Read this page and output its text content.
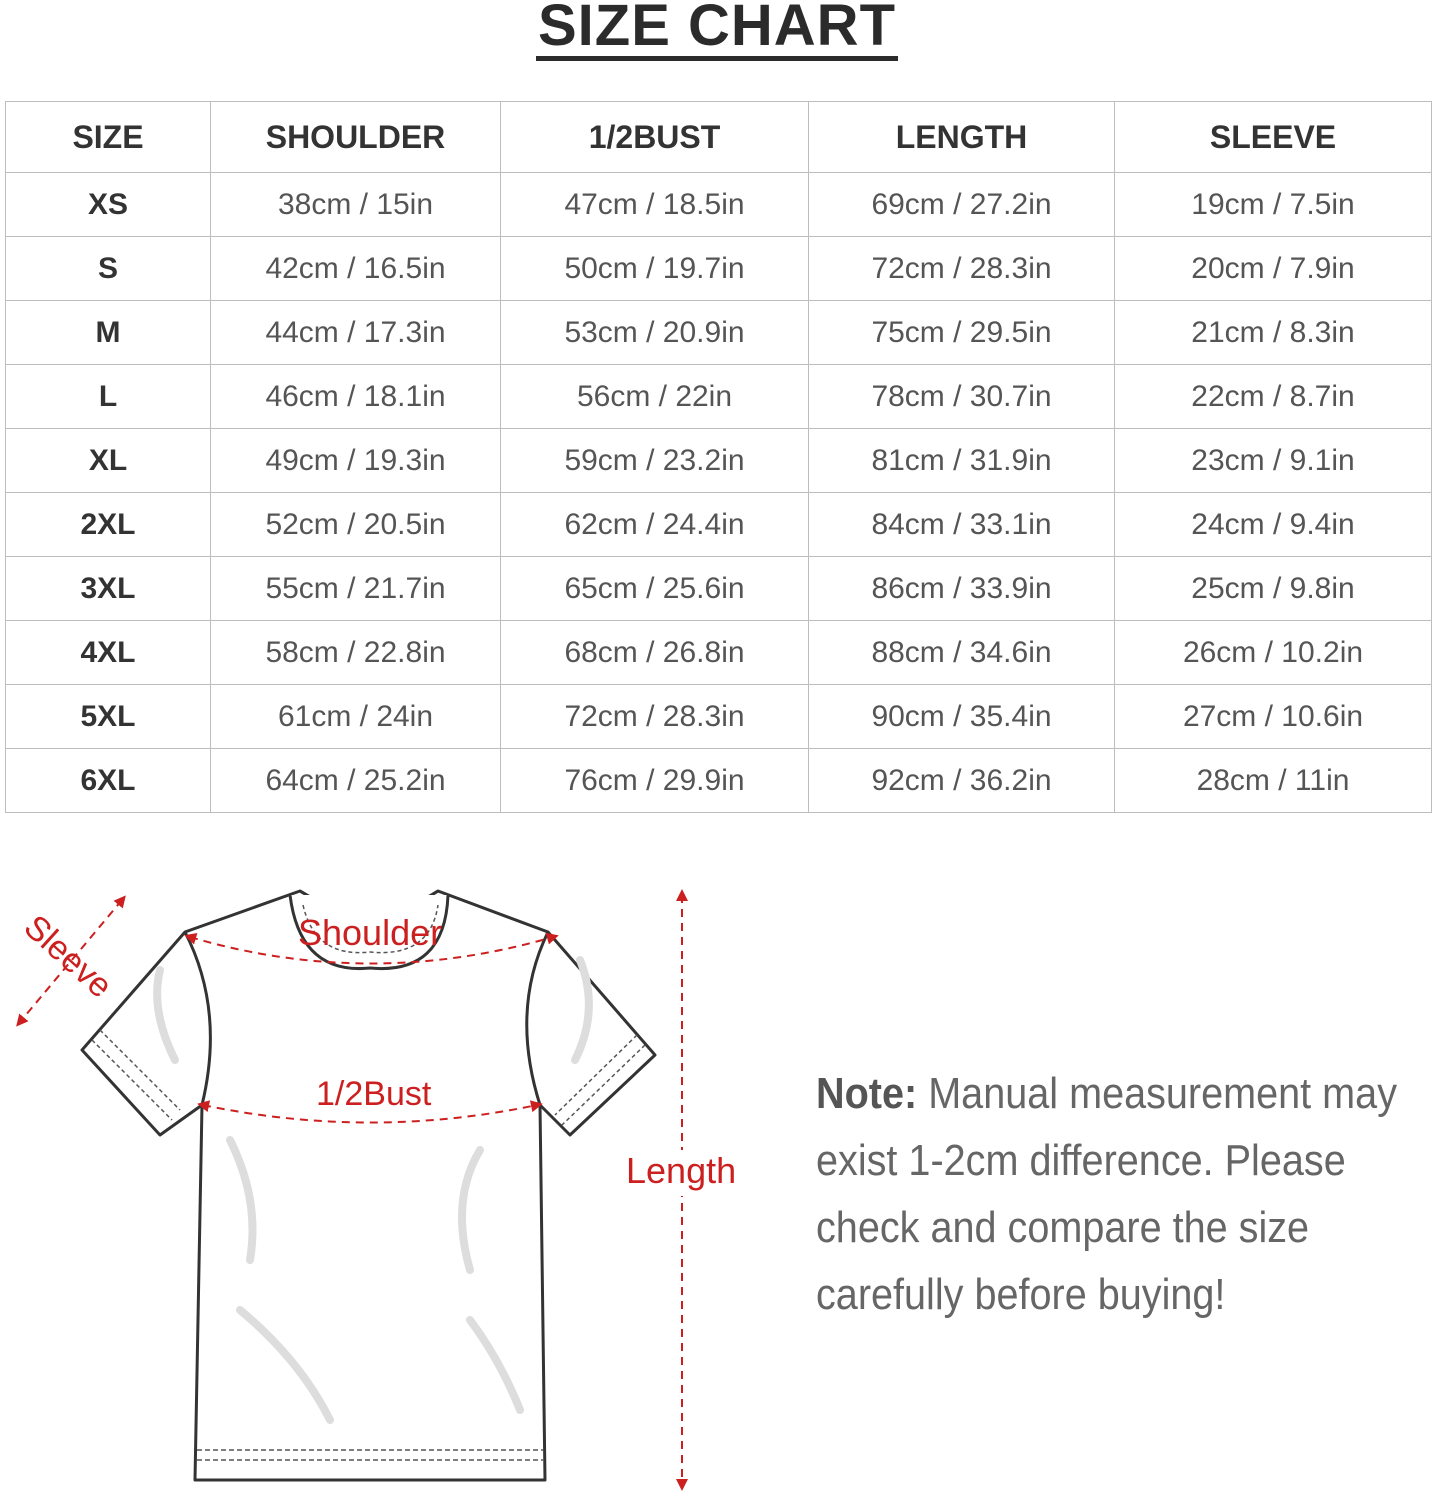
SIZE CHART
SIZE	SHOULDER	1/2BUST	LENGTH	SLEEVE
XS	38cm / 15in	47cm / 18.5in	69cm / 27.2in	19cm / 7.5in
S	42cm / 16.5in	50cm / 19.7in	72cm / 28.3in	20cm / 7.9in
M	44cm / 17.3in	53cm / 20.9in	75cm / 29.5in	21cm / 8.3in
L	46cm / 18.1in	56cm / 22in	78cm / 30.7in	22cm / 8.7in
XL	49cm / 19.3in	59cm / 23.2in	81cm / 31.9in	23cm / 9.1in
2XL	52cm / 20.5in	62cm / 24.4in	84cm / 33.1in	24cm / 9.4in
3XL	55cm / 21.7in	65cm / 25.6in	86cm / 33.9in	25cm / 9.8in
4XL	58cm / 22.8in	68cm / 26.8in	88cm / 34.6in	26cm / 10.2in
5XL	61cm / 24in	72cm / 28.3in	90cm / 35.4in	27cm / 10.6in
6XL	64cm / 25.2in	76cm / 29.9in	92cm / 36.2in	28cm / 11in
Sleeve	Shoulder
1/2Bust
Length
Note: Manual measurement may exist 1-2cm difference. Please check and compare the size carefully before buying!
